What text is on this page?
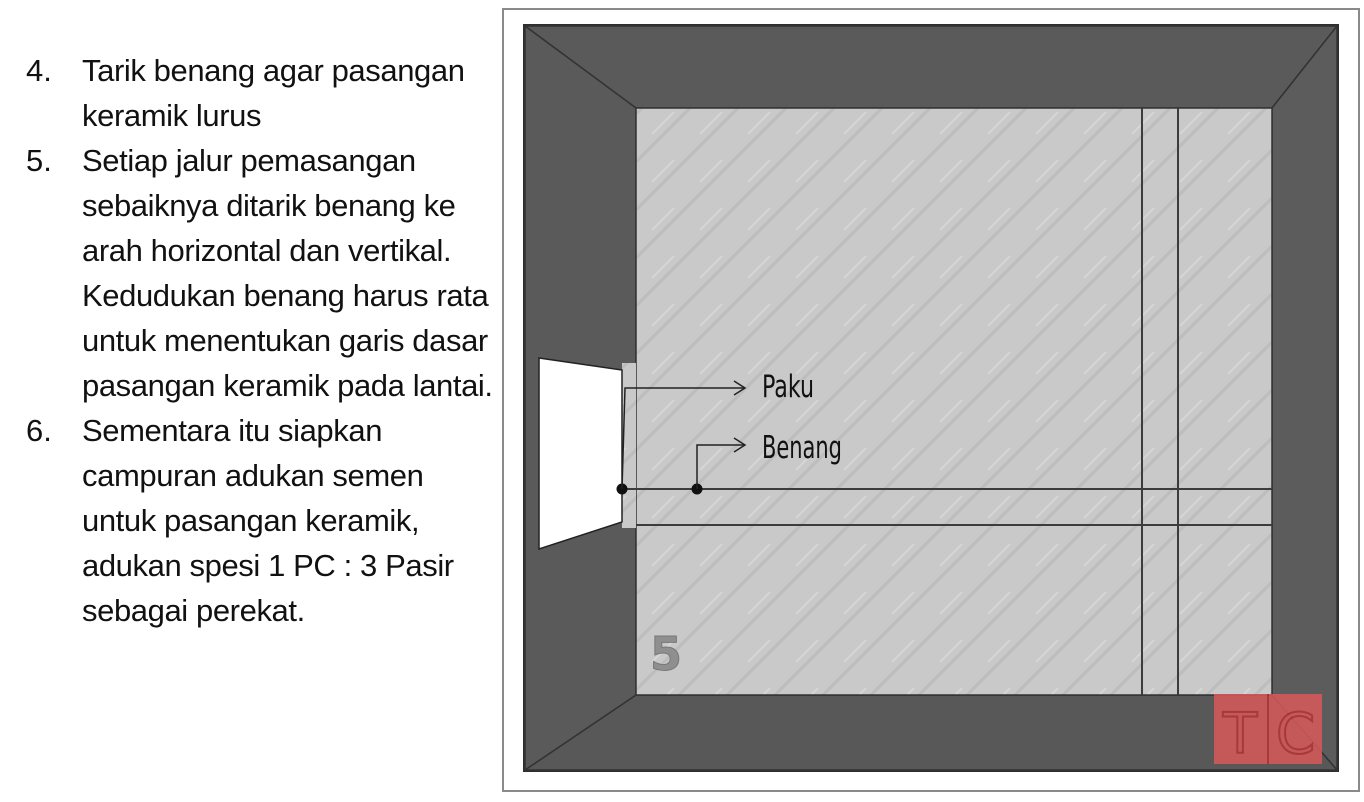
4. Tarik benang agar pasangan keramik lurus
5. Setiap jalur pemasangan sebaiknya ditarik benang ke arah horizontal dan vertikal. Kedudukan benang harus rata untuk menentukan garis dasar pasangan keramik pada lantai.
6. Sementara itu siapkan campuran adukan semen untuk pasangan keramik, adukan spesi 1 PC : 3 Pasir sebagai perekat.
Paku
Benang
5
T C
